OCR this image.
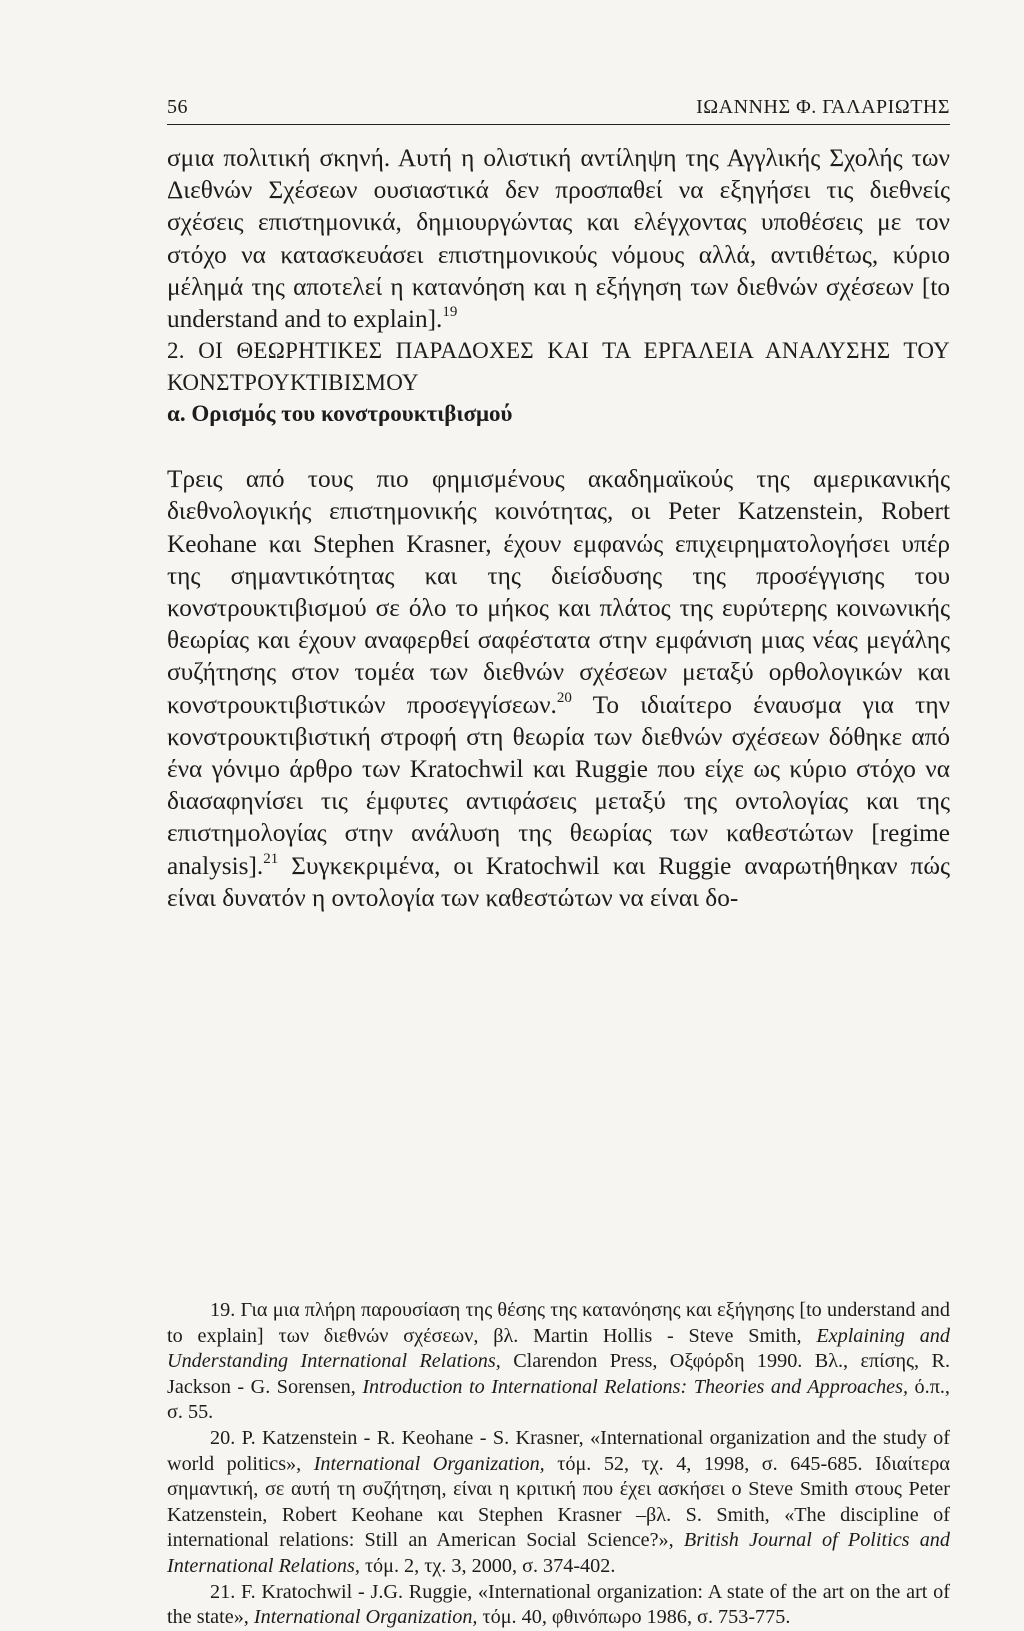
56	ΙΩΑΝΝΗΣ Φ. ΓΑΛΑΡΙΩΤΗΣ

σμια πολιτική σκηνή. Αυτή η ολιστική αντίληψη της Αγγλικής Σχολής των Διεθνών Σχέσεων ουσιαστικά δεν προσπαθεί να εξηγήσει τις διεθνείς σχέσεις επιστημονικά, δημιουργώντας και ελέγχοντας υποθέσεις με τον στόχο να κατασκευάσει επιστημονικούς νόμους αλλά, αντιθέτως, κύριο μέλημά της αποτελεί η κατανόηση και η εξήγηση των διεθνών σχέσεων [to understand and to explain].$^{19}$

2. ΟΙ ΘΕΩΡΗΤΙΚΕΣ ΠΑΡΑΔΟΧΕΣ ΚΑΙ ΤΑ ΕΡΓΑΛΕΙΑ ΑΝΑΛΥΣΗΣ ΤΟΥ ΚΟΝΣΤΡΟΥΚΤΙΒΙΣΜΟΥ

α. Ορισμός του κονστρουκτιβισμού

Τρεις από τους πιο φημισμένους ακαδημαϊκούς της αμερικανικής διεθνολογικής επιστημονικής κοινότητας, οι Peter Katzenstein, Robert Keohane και Stephen Krasner, έχουν εμφανώς επιχειρηματολογήσει υπέρ της σημαντικότητας και της διείσδυσης της προσέγγισης του κονστρουκτιβισμού σε όλο το μήκος και πλάτος της ευρύτερης κοινωνικής θεωρίας και έχουν αναφερθεί σαφέστατα στην εμφάνιση μιας νέας μεγάλης συζήτησης στον τομέα των διεθνών σχέσεων μεταξύ ορθολογικών και κονστρουκτιβιστικών προσεγγίσεων.$^{20}$ Το ιδιαίτερο έναυσμα για την κονστρουκτιβιστική στροφή στη θεωρία των διεθνών σχέσεων δόθηκε από ένα γόνιμο άρθρο των Kratochwil και Ruggie που είχε ως κύριο στόχο να διασαφηνίσει τις έμφυτες αντιφάσεις μεταξύ της οντολογίας και της επιστημολογίας στην ανάλυση της θεωρίας των καθεστώτων [regime analysis].$^{21}$ Συγκεκριμένα, οι Kratochwil και Ruggie αναρωτήθηκαν πώς είναι δυνατόν η οντολογία των καθεστώτων να είναι δο-

19. Για μια πλήρη παρουσίαση της θέσης της κατανόησης και εξήγησης [to understand and to explain] των διεθνών σχέσεων, βλ. Martin Hollis - Steve Smith, Explaining and Understanding International Relations, Clarendon Press, Οξφόρδη 1990. Βλ., επίσης, R. Jackson - G. Sorensen, Introduction to International Relations: Theories and Approaches, ό.π., σ. 55.

20. P. Katzenstein - R. Keohane - S. Krasner, «International organization and the study of world politics», International Organization, τόμ. 52, τχ. 4, 1998, σ. 645-685. Ιδιαίτερα σημαντική, σε αυτή τη συζήτηση, είναι η κριτική που έχει ασκήσει ο Steve Smith στους Peter Katzenstein, Robert Keohane και Stephen Krasner –βλ. S. Smith, «The discipline of international relations: Still an American Social Science?», British Journal of Politics and International Relations, τόμ. 2, τχ. 3, 2000, σ. 374-402.

21. F. Kratochwil - J.G. Ruggie, «International organization: A state of the art on the art of the state», International Organization, τόμ. 40, φθινόπωρο 1986, σ. 753-775.
